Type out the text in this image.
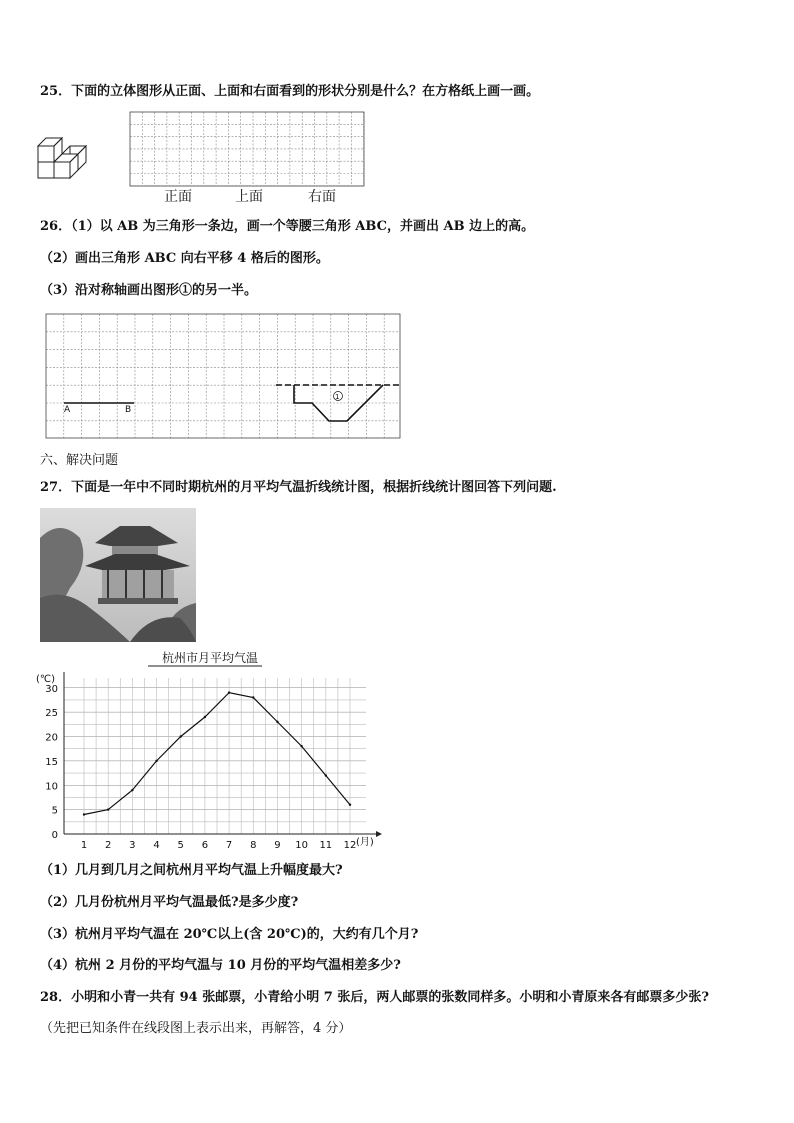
25．下面的立体图形从正面、上面和右面看到的形状分别是什么？在方格纸上画一画。
正面	上面	右面
26．（1）以 AB 为三角形一条边，画一个等腰三角形 ABC，并画出 AB 边上的高。
（2）画出三角形 ABC 向右平移 4 格后的图形。
（3）沿对称轴画出图形①的另一半。
A	B
1
六、解决问题
27．下面是一年中不同时期杭州的月平均气温折线统计图，根据折线统计图回答下列问题.
杭州市月平均气温
(℃)
(月)
0
5
10
15
20
25
30
1 2 3 4 5 6 7 8 9 10 11 12
（1）几月到几月之间杭州月平均气温上升幅度最大?
（2）几月份杭州月平均气温最低?是多少度?
（3）杭州月平均气温在 20℃以上(含 20℃)的，大约有几个月?
（4）杭州 2 月份的平均气温与 10 月份的平均气温相差多少?
28．小明和小青一共有 94 张邮票，小青给小明 7 张后，两人邮票的张数同样多。小明和小青原来各有邮票多少张?
（先把已知条件在线段图上表示出来，再解答，4 分）
